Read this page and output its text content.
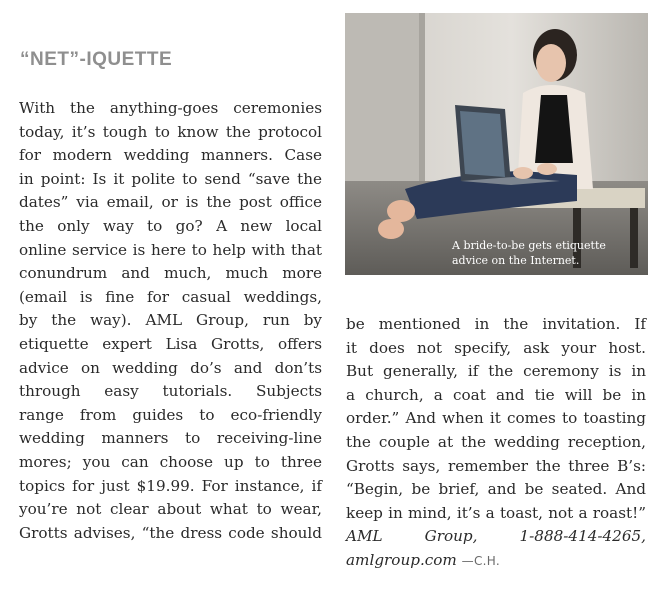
“NET”-IQUETTE
A bride-to-be gets etiquette
advice on the Internet.
With the anything-goes ceremonies
today, it’s tough to know the protocol
for modern wedding manners. Case
in point: Is it polite to send “save the
dates” via email, or is the post office
the only way to go? A new local
online service is here to help with that
conundrum and much, much more
(email is fine for casual weddings,
by the way). AML Group, run by
etiquette expert Lisa Grotts, offers
advice on wedding do’s and don’ts
through easy tutorials. Subjects
range from guides to eco-friendly
wedding manners to receiving-line
mores; you can choose up to three
topics for just $19.99. For instance, if
you’re not clear about what to wear,
Grotts advises, “the dress code should
be mentioned in the invitation. If
it does not specify, ask your host.
But generally, if the ceremony is in
a church, a coat and tie will be in
order.” And when it comes to toasting
the couple at the wedding reception,
Grotts says, remember the three B’s:
“Begin, be brief, and be seated. And
keep in mind, it’s a toast, not a roast!”
AML Group, 1-888-414-4265,
amlgroup.com —C.H.
